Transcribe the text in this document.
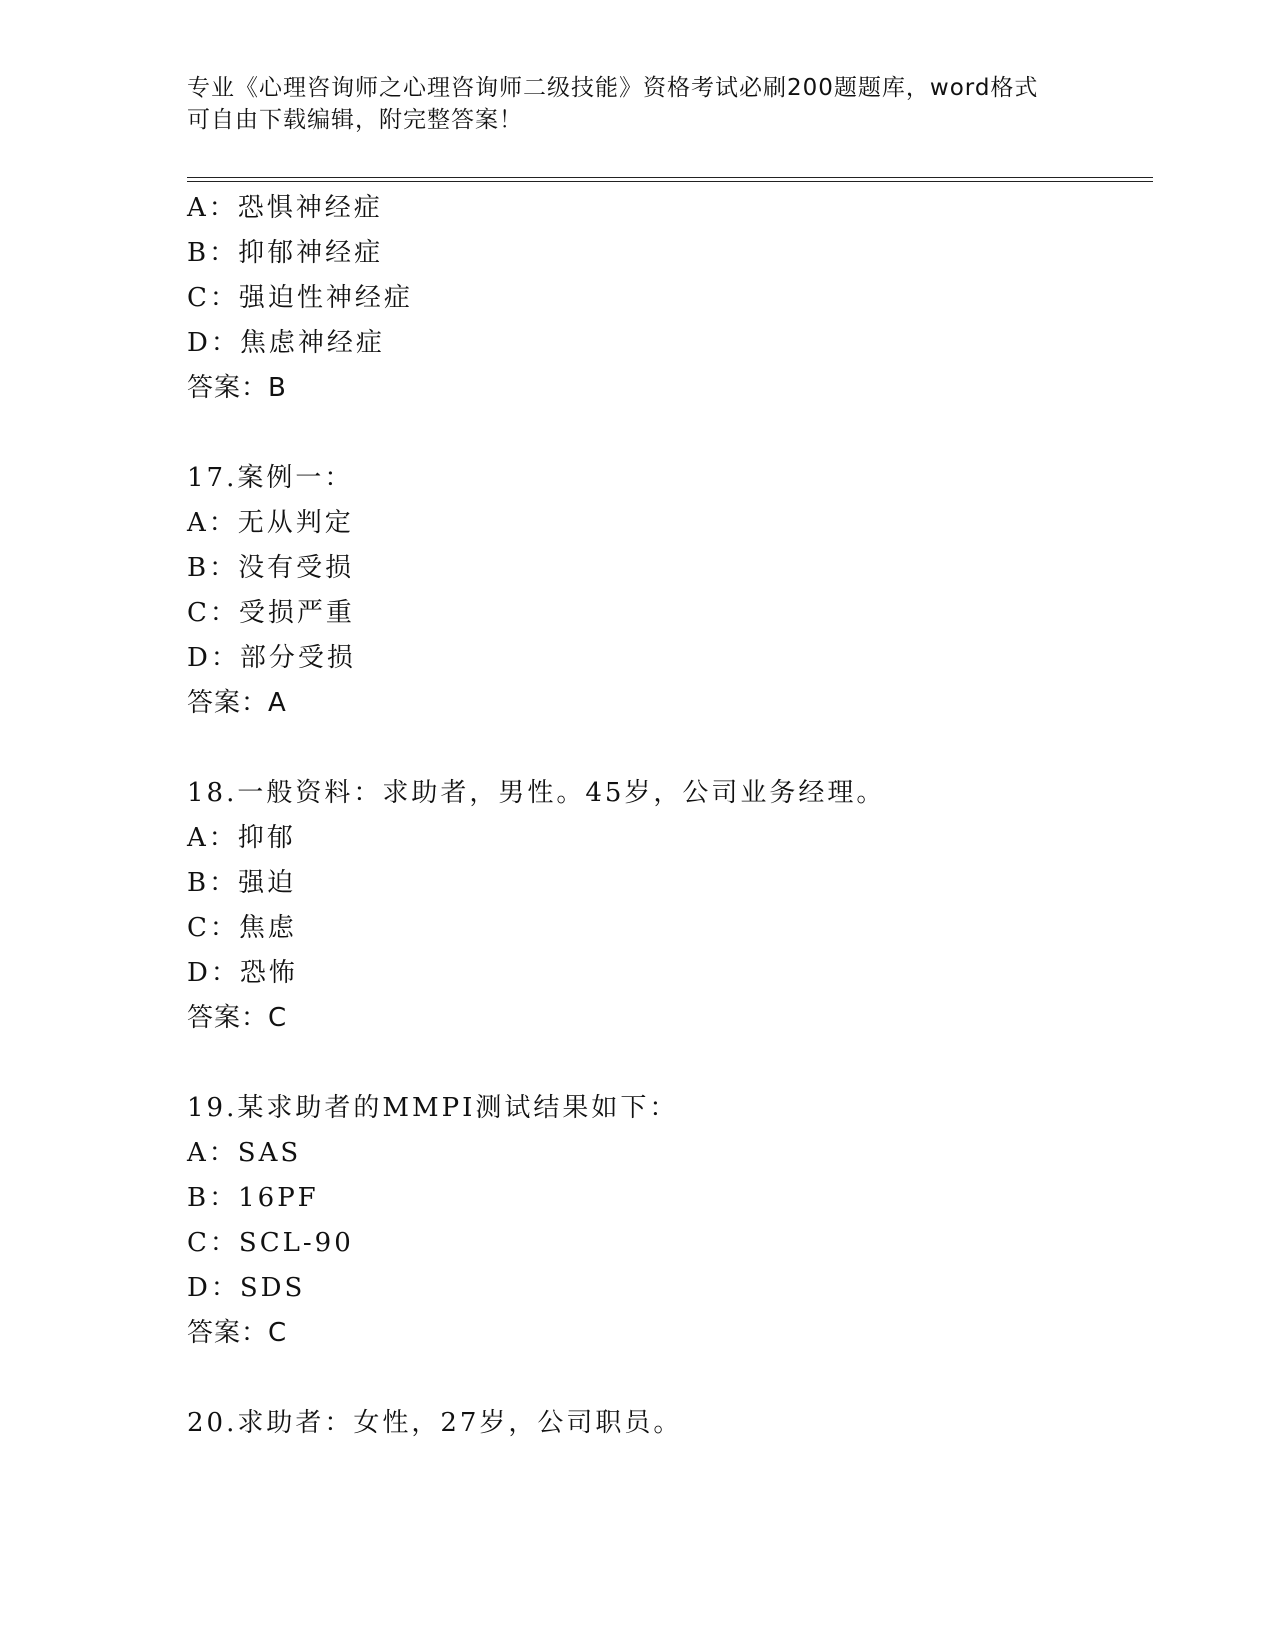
专业《心理咨询师之心理咨询师二级技能》资格考试必刷200题题库，word格式
可自由下载编辑，附完整答案！
A：恐惧神经症
B：抑郁神经症
C：强迫性神经症
D：焦虑神经症
答案：B
17.案例一：
A：无从判定
B：没有受损
C：受损严重
D：部分受损
答案：A
18.一般资料：求助者，男性。45岁，公司业务经理。
A：抑郁
B：强迫
C：焦虑
D：恐怖
答案：C
19.某求助者的MMPI测试结果如下：
A：SAS
B：16PF
C：SCL-90
D：SDS
答案：C
20.求助者：女性，27岁，公司职员。
